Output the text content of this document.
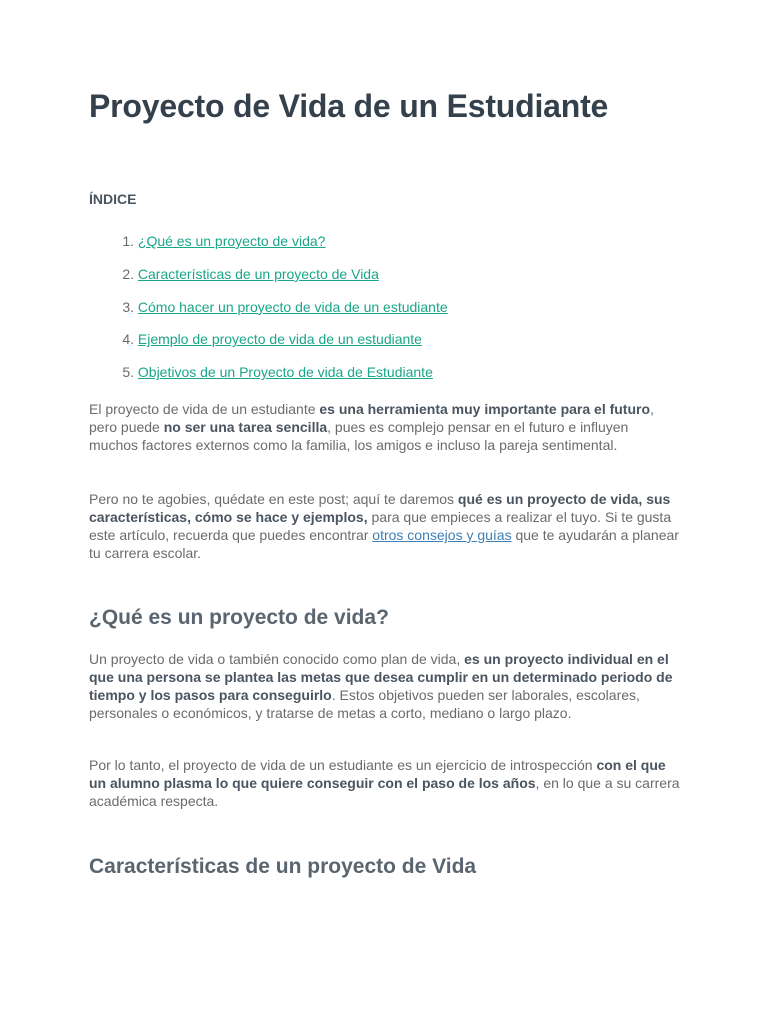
Proyecto de Vida de un Estudiante
ÍNDICE
1. ¿Qué es un proyecto de vida?
2. Características de un proyecto de Vida
3. Cómo hacer un proyecto de vida de un estudiante
4. Ejemplo de proyecto de vida de un estudiante
5. Objetivos de un Proyecto de vida de Estudiante

El proyecto de vida de un estudiante es una herramienta muy importante para el futuro, pero puede no ser una tarea sencilla, pues es complejo pensar en el futuro e influyen muchos factores externos como la familia, los amigos e incluso la pareja sentimental.

Pero no te agobies, quédate en este post; aquí te daremos qué es un proyecto de vida, sus características, cómo se hace y ejemplos, para que empieces a realizar el tuyo. Si te gusta este artículo, recuerda que puedes encontrar otros consejos y guías que te ayudarán a planear tu carrera escolar.

¿Qué es un proyecto de vida?

Un proyecto de vida o también conocido como plan de vida, es un proyecto individual en el que una persona se plantea las metas que desea cumplir en un determinado periodo de tiempo y los pasos para conseguirlo. Estos objetivos pueden ser laborales, escolares, personales o económicos, y tratarse de metas a corto, mediano o largo plazo.

Por lo tanto, el proyecto de vida de un estudiante es un ejercicio de introspección con el que un alumno plasma lo que quiere conseguir con el paso de los años, en lo que a su carrera académica respecta.

Características de un proyecto de Vida
